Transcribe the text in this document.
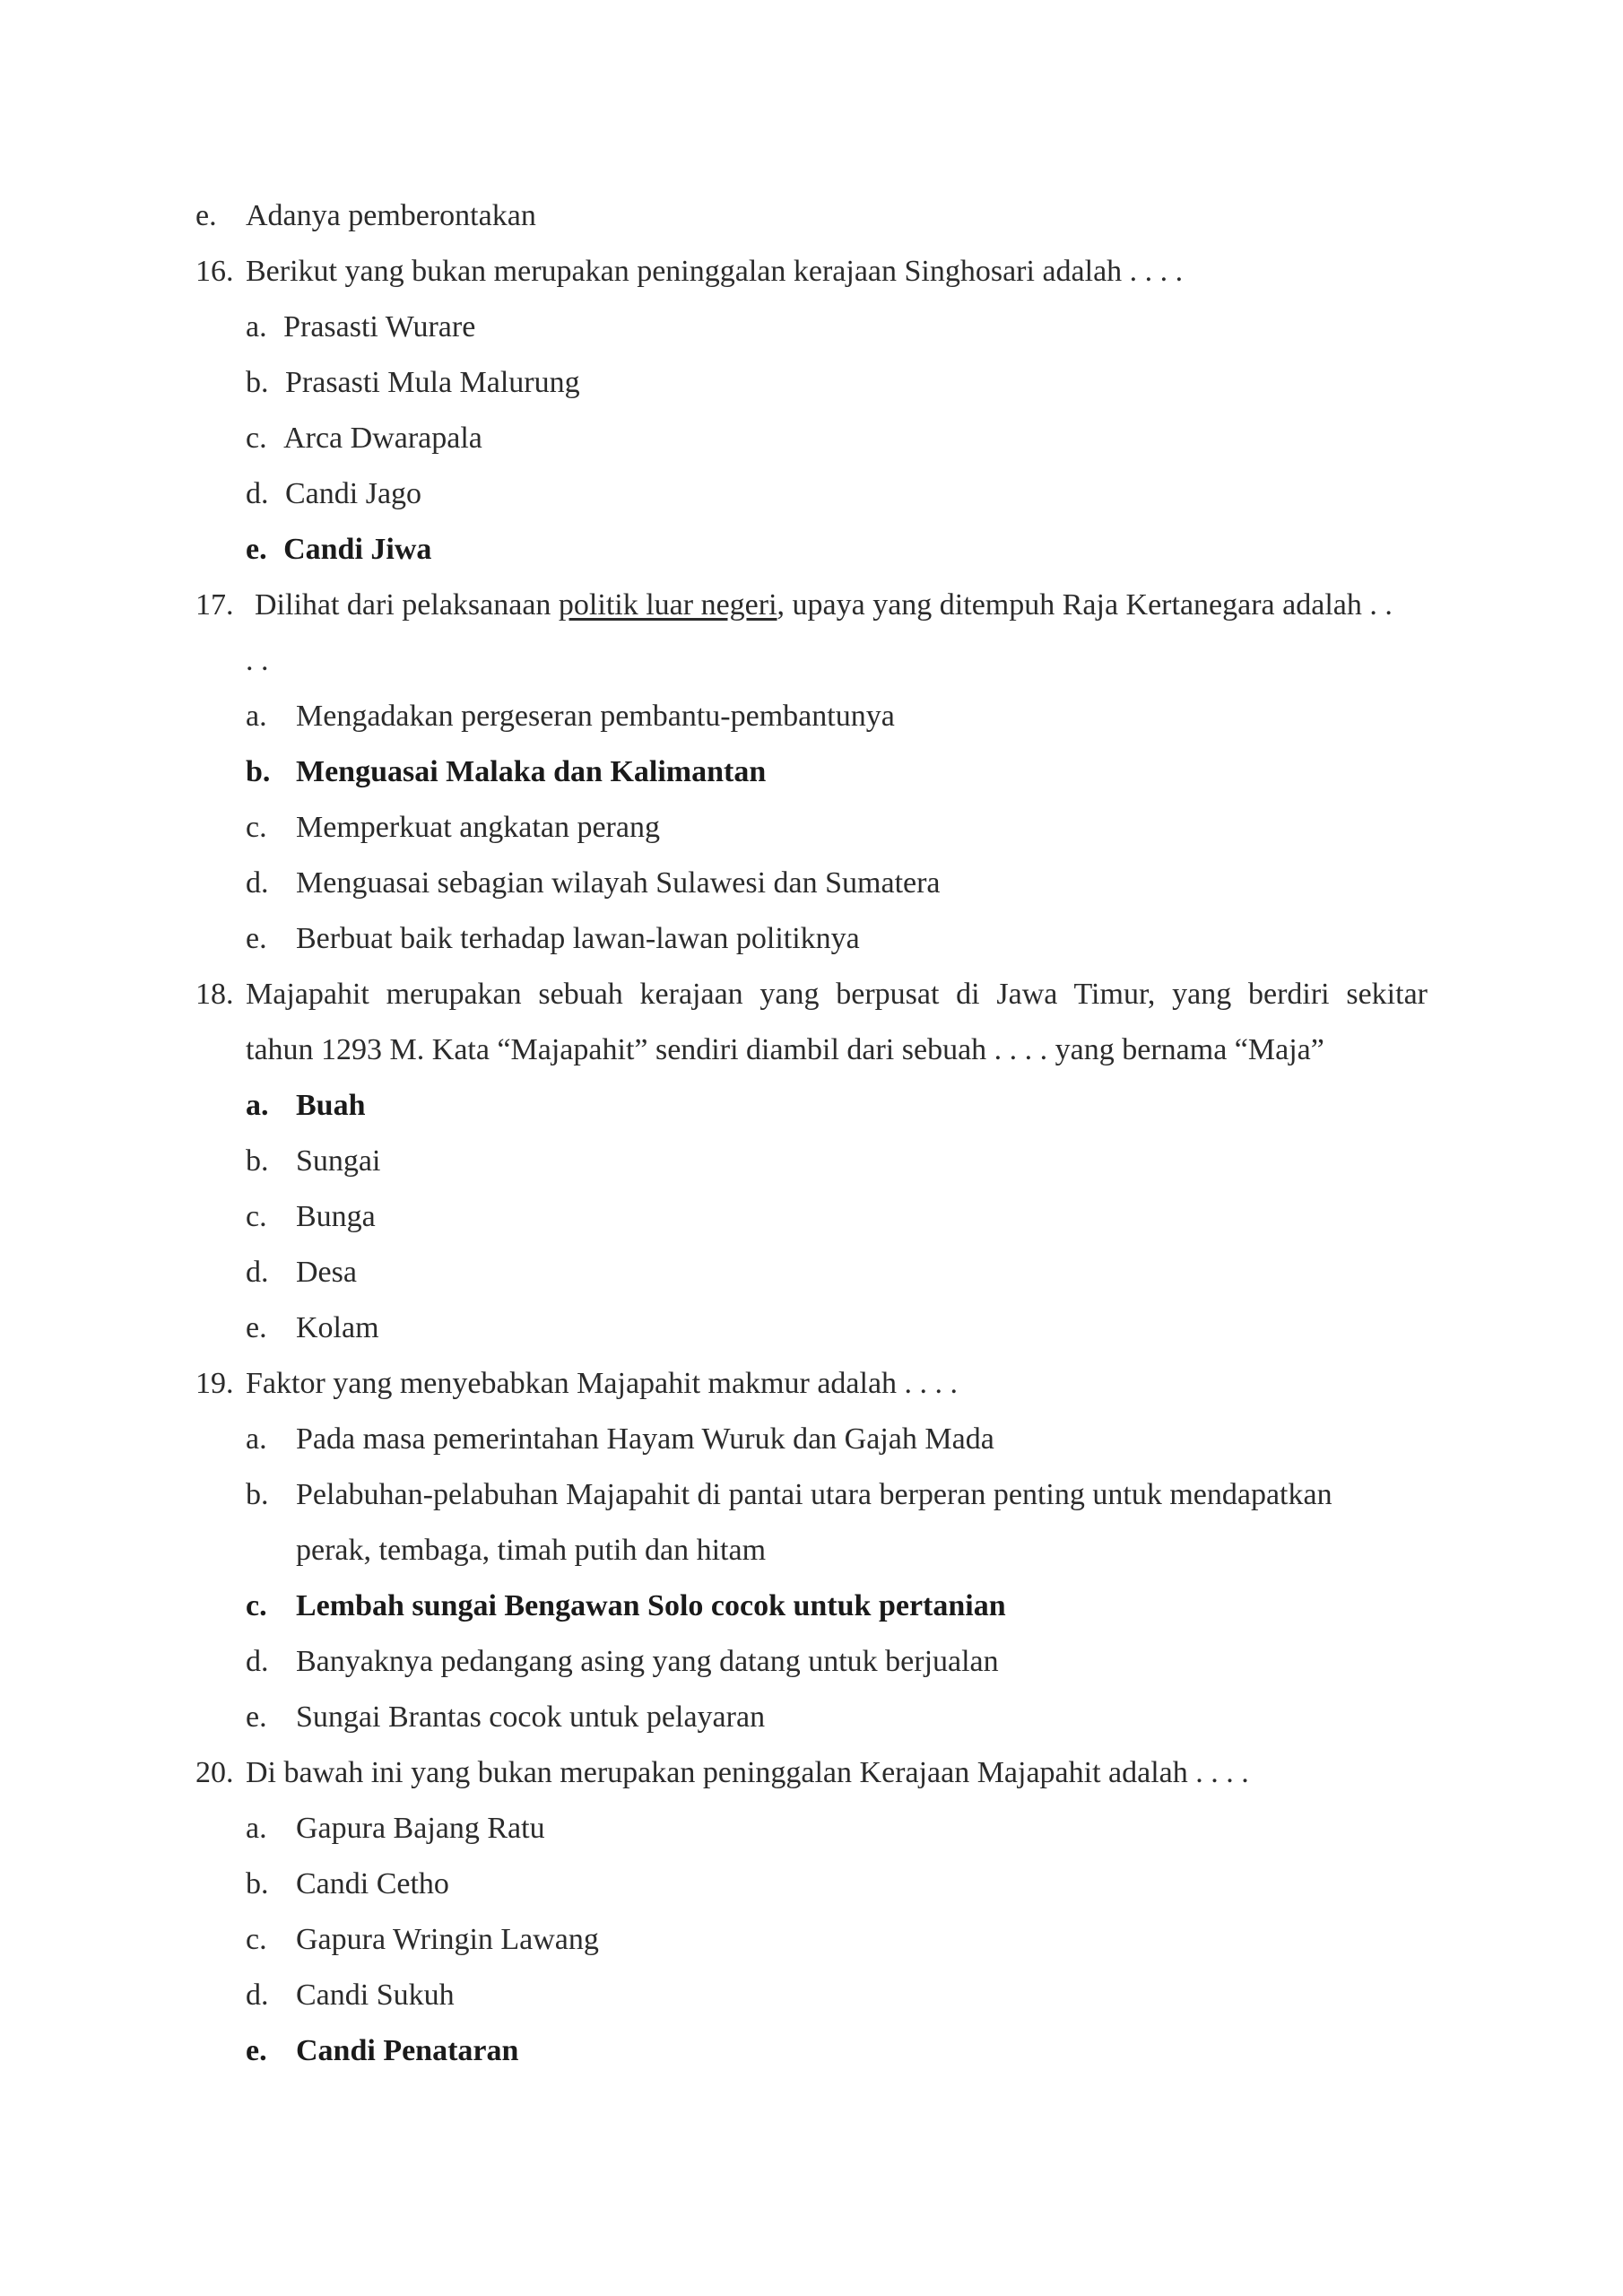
e. Adanya pemberontakan
16. Berikut yang bukan merupakan peninggalan kerajaan Singhosari adalah . . . .
a. Prasasti Wurare
b. Prasasti Mula Malurung
c. Arca Dwarapala
d. Candi Jago
e. Candi Jiwa
17. Dilihat dari pelaksanaan politik luar negeri, upaya yang ditempuh Raja Kertanegara adalah . .
. .
a. Mengadakan pergeseran pembantu-pembantunya
b. Menguasai Malaka dan Kalimantan
c. Memperkuat angkatan perang
d. Menguasai sebagian wilayah Sulawesi dan Sumatera
e. Berbuat baik terhadap lawan-lawan politiknya
18. Majapahit merupakan sebuah kerajaan yang berpusat di Jawa Timur, yang berdiri sekitar
tahun 1293 M. Kata “Majapahit” sendiri diambil dari sebuah . . . . yang bernama “Maja”
a. Buah
b. Sungai
c. Bunga
d. Desa
e. Kolam
19. Faktor yang menyebabkan Majapahit makmur adalah . . . .
a. Pada masa pemerintahan Hayam Wuruk dan Gajah Mada
b. Pelabuhan-pelabuhan Majapahit di pantai utara berperan penting untuk mendapatkan
perak, tembaga, timah putih dan hitam
c. Lembah sungai Bengawan Solo cocok untuk pertanian
d. Banyaknya pedangang asing yang datang untuk berjualan
e. Sungai Brantas cocok untuk pelayaran
20. Di bawah ini yang bukan merupakan peninggalan Kerajaan Majapahit adalah . . . .
a. Gapura Bajang Ratu
b. Candi Cetho
c. Gapura Wringin Lawang
d. Candi Sukuh
e. Candi Penataran
